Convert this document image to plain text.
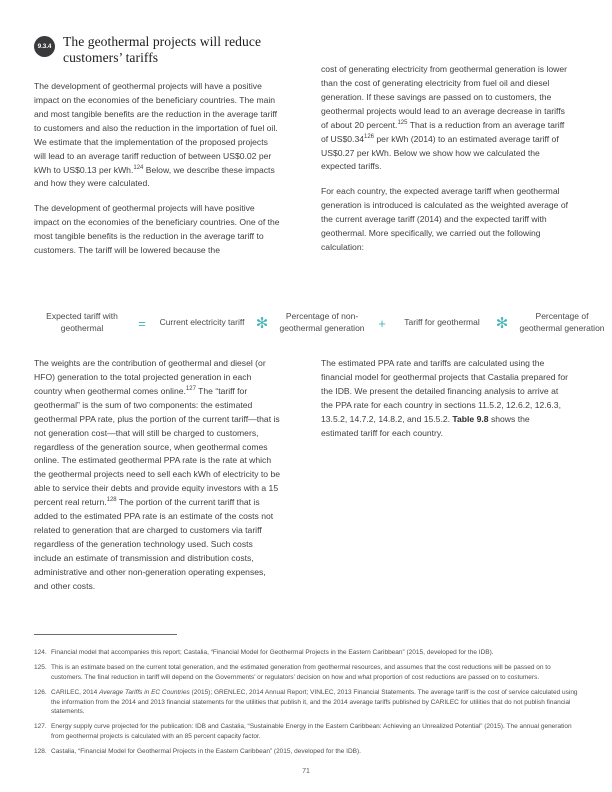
9.3.4 The geothermal projects will reduce customers’ tariffs

The development of geothermal projects will have a positive impact on the economies of the beneficiary countries. The main and most tangible benefits are the reduction in the average tariff to customers and also the reduction in the importation of fuel oil. We estimate that the implementation of the proposed projects will lead to an average tariff reduction of between US$0.02 per kWh to US$0.13 per kWh.$^{124}$ Below, we describe these impacts and how they were calculated.

The development of geothermal projects will have positive impact on the economies of the beneficiary countries. One of the most tangible benefits is the reduction in the average tariff to customers. The tariff will be lowered because the

cost of generating electricity from geothermal generation is lower than the cost of generating electricity from fuel oil and diesel generation. If these savings are passed on to customers, the geothermal projects would lead to an average decrease in tariffs of about 20 percent.$^{125}$ That is a reduction from an average tariff of US$0.34$^{126}$ per kWh (2014) to an estimated average tariff of US$0.27 per kWh. Below we show how we calculated the expected tariffs.

For each country, the expected average tariff when geothermal generation is introduced is calculated as the weighted average of the current average tariff (2014) and the expected tariff with geothermal. More specifically, we carried out the following calculation:

Expected tariff with geothermal	=	Current electricity tariff ✻	Percentage of non-geothermal generation	+	Tariff for geothermal	✻	Percentage of geothermal generation

The weights are the contribution of geothermal and diesel (or HFO) generation to the total projected generation in each country when geothermal comes online.$^{127}$ The “tariff for geothermal” is the sum of two components: the estimated geothermal PPA rate, plus the portion of the current tariff—that is not generation cost—that will still be charged to customers, regardless of the generation source, when geothermal comes online. The estimated geothermal PPA rate is the rate at which the geothermal projects need to sell each kWh of electricity to be able to service their debts and provide equity investors with a 15 percent real return.$^{128}$ The portion of the current tariff that is added to the estimated PPA rate is an estimate of the costs not related to generation that are charged to customers via tariff regardless of the generation technology used. Such costs include an estimate of transmission and distribution costs, administrative and other non-generation operating expenses, and other costs.

The estimated PPA rate and tariffs are calculated using the financial model for geothermal projects that Castalia prepared for the IDB. We present the detailed financing analysis to arrive at the PPA rate for each country in sections 11.5.2, 12.6.2, 12.6.3, 13.5.2, 14.7.2, 14.8.2, and 15.5.2. Table 9.8 shows the estimated tariff for each country.

124. Financial model that accompanies this report; Castalia, “Financial Model for Geothermal Projects in the Eastern Caribbean” (2015, developed for the IDB).
125. This is an estimate based on the current total generation, and the estimated generation from geothermal resources, and assumes that the cost reductions will be passed on to customers. The final reduction in tariff will depend on the Governments’ or regulators’ decision on how and what proportion of cost reductions are passed on to costumers.
126. CARILEC, 2014 Average Tariffs in EC Countries (2015); GRENLEC, 2014 Annual Report; VINLEC, 2013 Financial Statements. The average tariff is the cost of service calculated using the information from the 2014 and 2013 financial statements for the utilities that publish it, and the 2014 average tariffs published by CARILEC for utilities that do not publish financial statements.
127. Energy supply curve projected for the publication: IDB and Castalia, “Sustainable Energy in the Eastern Caribbean: Achieving an Unrealized Potential” (2015). The annual generation from geothermal projects is calculated with an 85 percent capacity factor.
128. Castalia, “Financial Model for Geothermal Projects in the Eastern Caribbean” (2015, developed for the IDB).
71
